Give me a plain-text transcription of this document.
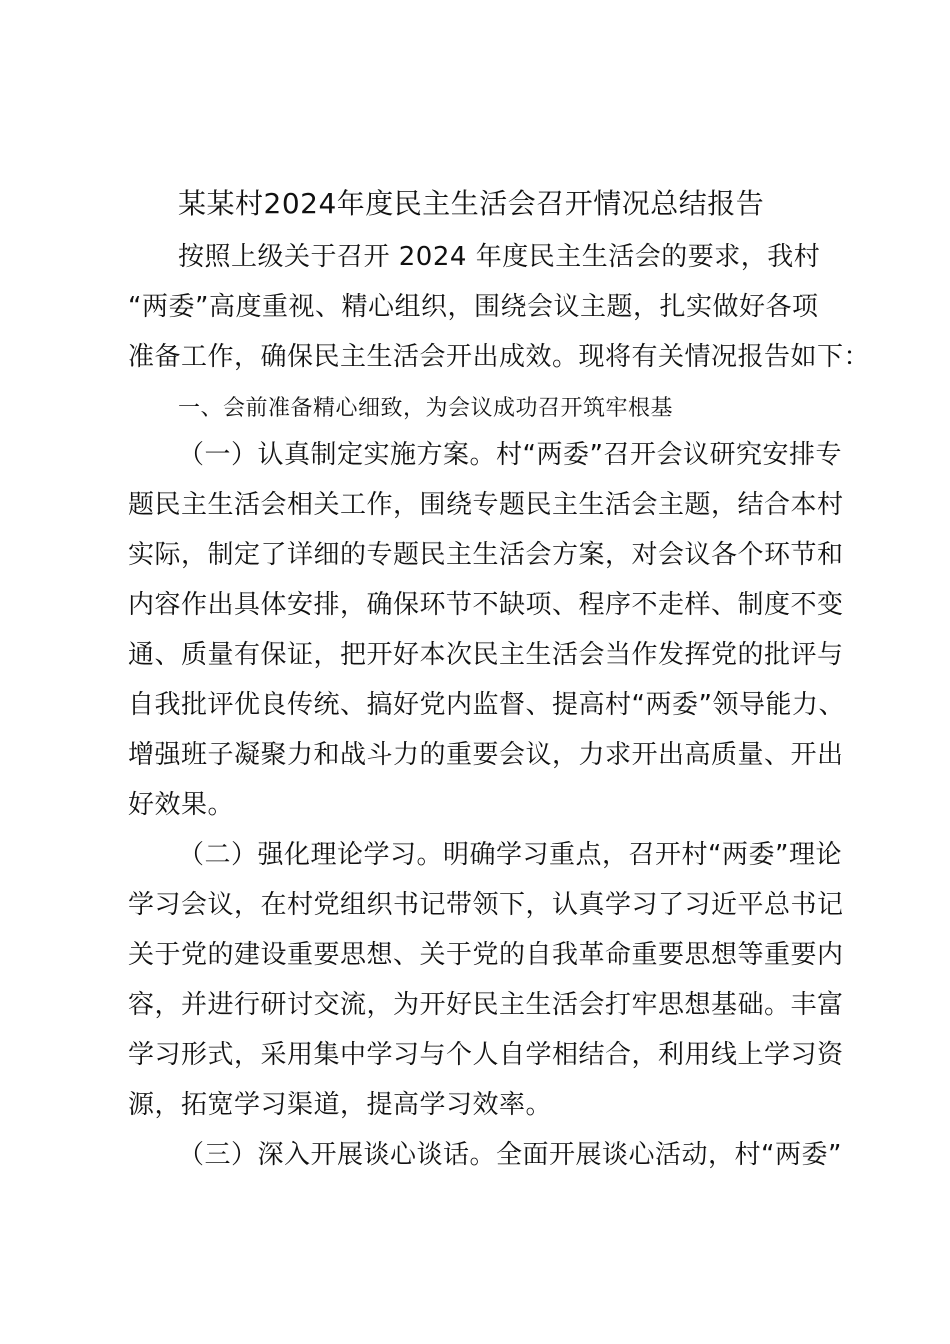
某某村2024年度民主生活会召开情况总结报告
按照上级关于召开 2024 年度民主生活会的要求，我村
“两委”高度重视、精心组织，围绕会议主题，扎实做好各项
准备工作，确保民主生活会开出成效。现将有关情况报告如下：
一、会前准备精心细致，为会议成功召开筑牢根基
（一）认真制定实施方案。村“两委”召开会议研究安排专
题民主生活会相关工作，围绕专题民主生活会主题，结合本村
实际，制定了详细的专题民主生活会方案，对会议各个环节和
内容作出具体安排，确保环节不缺项、程序不走样、制度不变
通、质量有保证，把开好本次民主生活会当作发挥党的批评与
自我批评优良传统、搞好党内监督、提高村“两委”领导能力、
增强班子凝聚力和战斗力的重要会议，力求开出高质量、开出
好效果。
（二）强化理论学习。明确学习重点，召开村“两委”理论
学习会议，在村党组织书记带领下，认真学习了习近平总书记
关于党的建设重要思想、关于党的自我革命重要思想等重要内
容，并进行研讨交流，为开好民主生活会打牢思想基础。丰富
学习形式，采用集中学习与个人自学相结合，利用线上学习资
源，拓宽学习渠道，提高学习效率。
（三）深入开展谈心谈话。全面开展谈心活动，村“两委”
